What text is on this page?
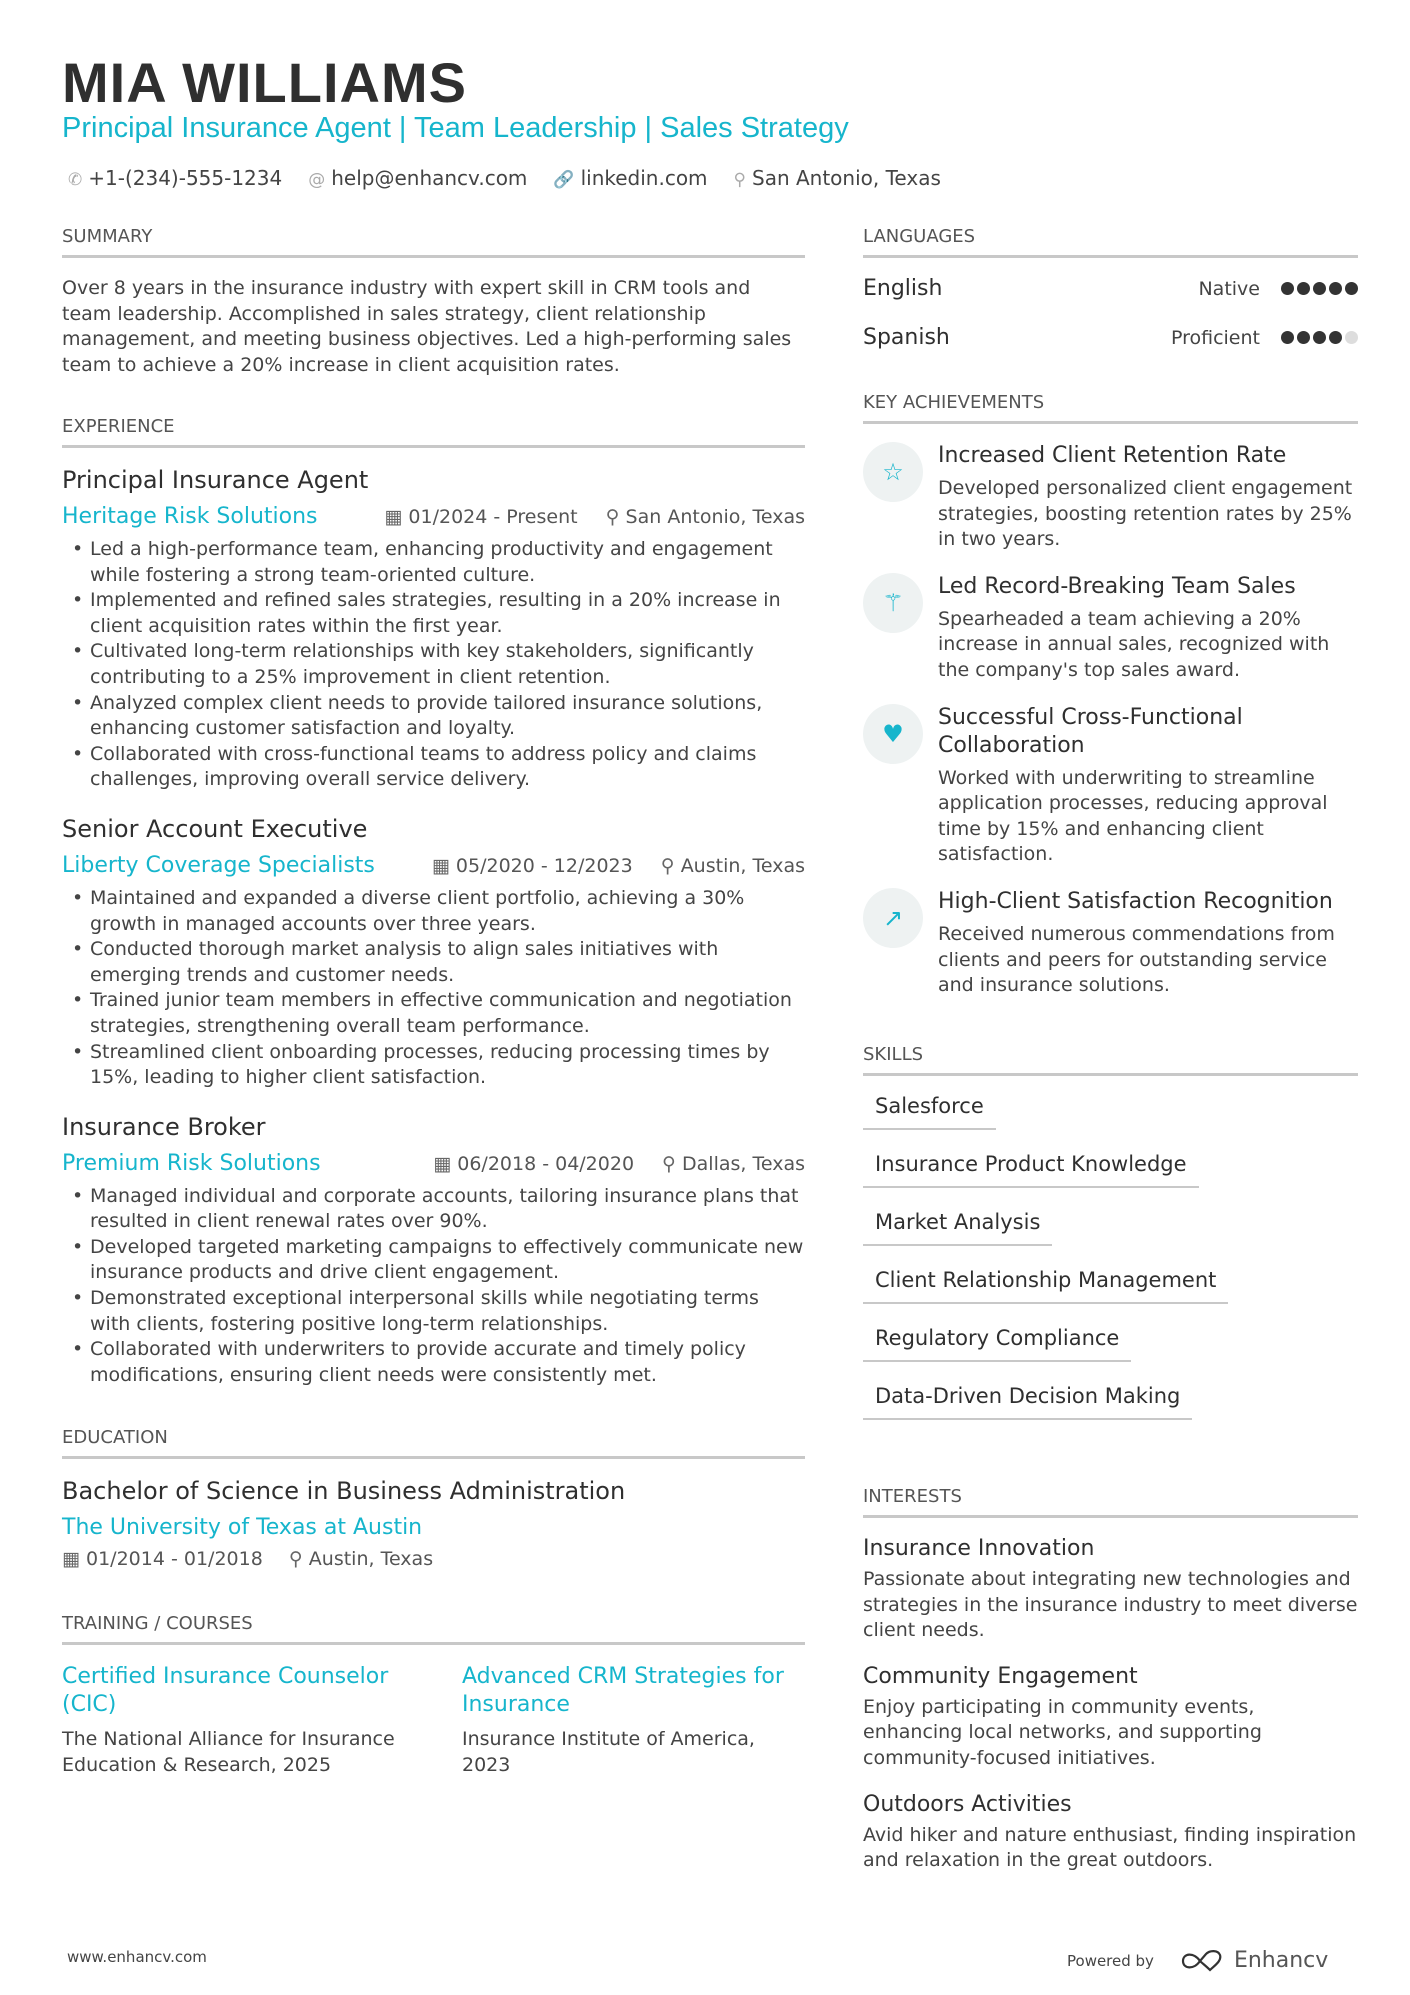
MIA WILLIAMS
Principal Insurance Agent | Team Leadership | Sales Strategy
✆ +1-(234)-555-1234 @ help@enhancv.com 🔗 linkedin.com ⚲ San Antonio, Texas
SUMMARY
Over 8 years in the insurance industry with expert skill in CRM tools and team leadership. Accomplished in sales strategy, client relationship management, and meeting business objectives. Led a high-performing sales team to achieve a 20% increase in client acquisition rates.
EXPERIENCE
Principal Insurance Agent
Heritage Risk Solutions	▦ 01/2024 - Present ⚲ San Antonio, Texas
• Led a high-performance team, enhancing productivity and engagement while fostering a strong team-oriented culture.
• Implemented and refined sales strategies, resulting in a 20% increase in client acquisition rates within the first year.
• Cultivated long-term relationships with key stakeholders, significantly contributing to a 25% improvement in client retention.
• Analyzed complex client needs to provide tailored insurance solutions, enhancing customer satisfaction and loyalty.
• Collaborated with cross-functional teams to address policy and claims challenges, improving overall service delivery.
Senior Account Executive
Liberty Coverage Specialists	▦ 05/2020 - 12/2023 ⚲ Austin, Texas
• Maintained and expanded a diverse client portfolio, achieving a 30% growth in managed accounts over three years.
• Conducted thorough market analysis to align sales initiatives with emerging trends and customer needs.
• Trained junior team members in effective communication and negotiation strategies, strengthening overall team performance.
• Streamlined client onboarding processes, reducing processing times by 15%, leading to higher client satisfaction.
Insurance Broker
Premium Risk Solutions	▦ 06/2018 - 04/2020 ⚲ Dallas, Texas
• Managed individual and corporate accounts, tailoring insurance plans that resulted in client renewal rates over 90%.
• Developed targeted marketing campaigns to effectively communicate new insurance products and drive client engagement.
• Demonstrated exceptional interpersonal skills while negotiating terms with clients, fostering positive long-term relationships.
• Collaborated with underwriters to provide accurate and timely policy modifications, ensuring client needs were consistently met.
EDUCATION
Bachelor of Science in Business Administration
The University of Texas at Austin
▦ 01/2014 - 01/2018 ⚲ Austin, Texas
TRAINING / COURSES
Certified Insurance Counselor (CIC)
The National Alliance for Insurance Education & Research, 2025
Advanced CRM Strategies for Insurance
Insurance Institute of America, 2023
LANGUAGES
English	Native
Spanish	Proficient
KEY ACHIEVEMENTS
☆
Increased Client Retention Rate
Developed personalized client engagement strategies, boosting retention rates by 25% in two years.
⚚
Led Record-Breaking Team Sales
Spearheaded a team achieving a 20% increase in annual sales, recognized with the company's top sales award.
♥
Successful Cross-Functional Collaboration
Worked with underwriting to streamline application processes, reducing approval time by 15% and enhancing client satisfaction.
↗
High-Client Satisfaction Recognition
Received numerous commendations from clients and peers for outstanding service and insurance solutions.
SKILLS
Salesforce
Insurance Product Knowledge
Market Analysis
Client Relationship Management
Regulatory Compliance
Data-Driven Decision Making
INTERESTS
Insurance Innovation
Passionate about integrating new technologies and strategies in the insurance industry to meet diverse client needs.
Community Engagement
Enjoy participating in community events, enhancing local networks, and supporting community-focused initiatives.
Outdoors Activities
Avid hiker and nature enthusiast, finding inspiration and relaxation in the great outdoors.
www.enhancv.com	Powered by	Enhancv
